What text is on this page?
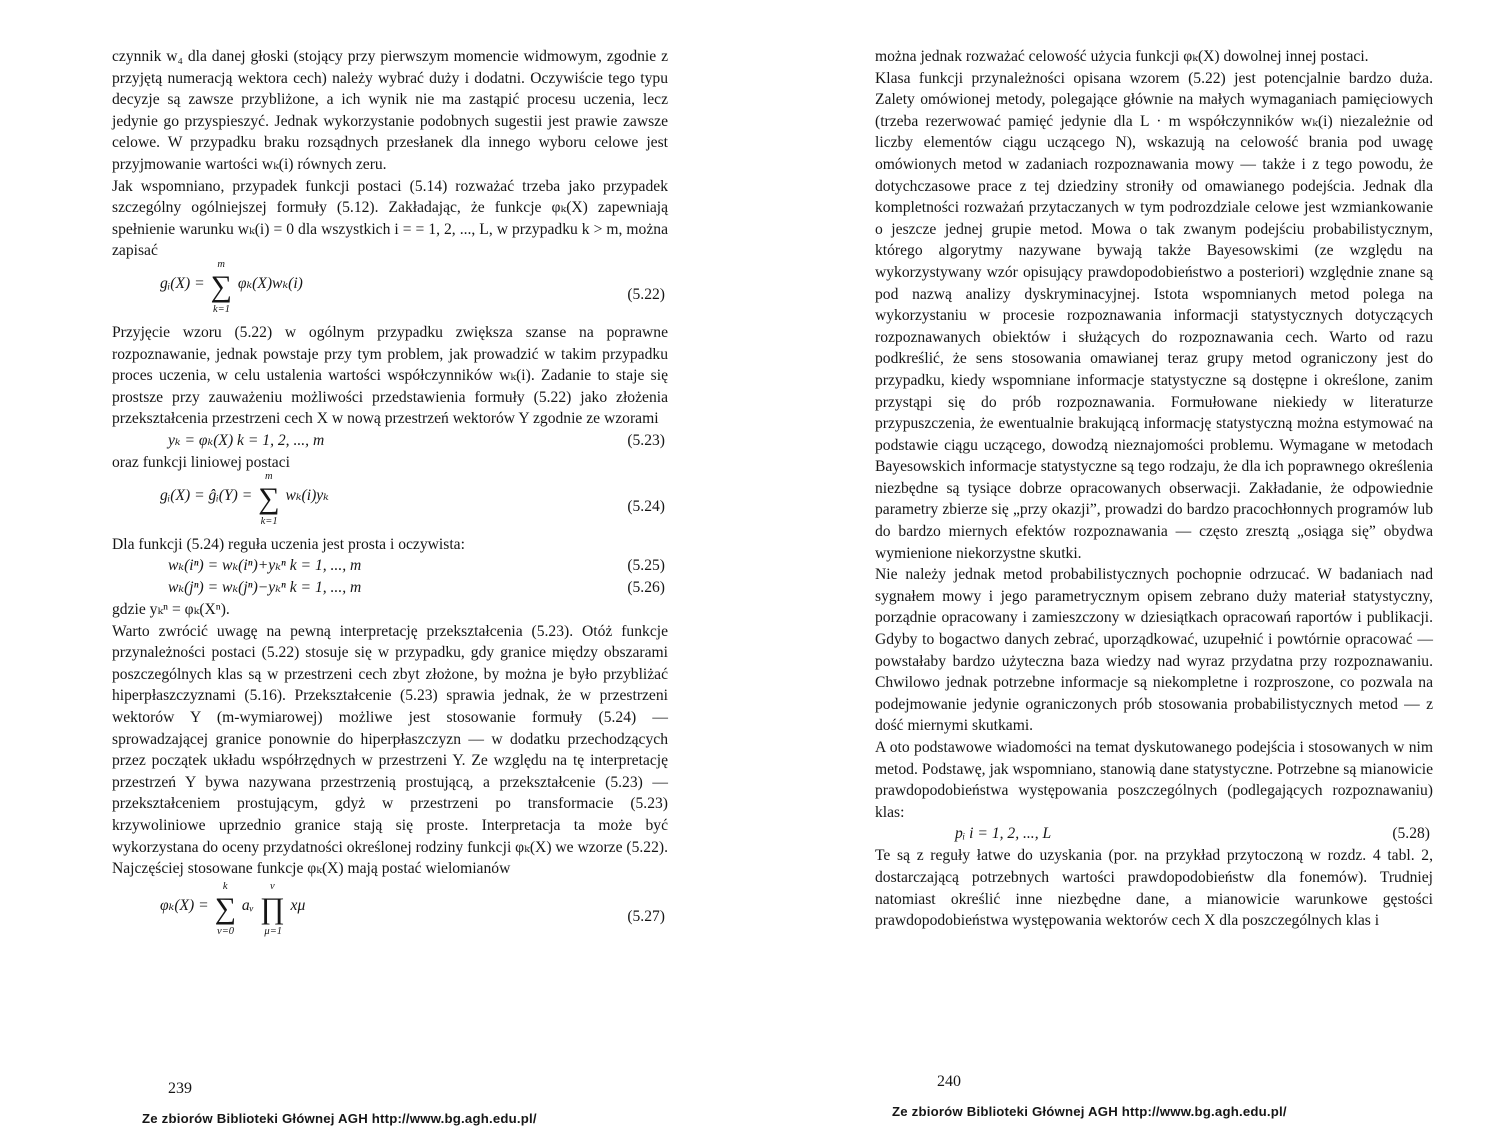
czynnik w₄ dla danej głoski (stojący przy pierwszym momencie widmowym, zgodnie z przyjętą numeracją wektora cech) należy wybrać duży i dodatni. Oczywiście tego typu decyzje są zawsze przybliżone, a ich wynik nie ma zastąpić procesu uczenia, lecz jedynie go przyspieszyć. Jednak wykorzystanie podobnych sugestii jest prawie zawsze celowe. W przypadku braku rozsądnych przesłanek dla innego wyboru celowe jest przyjmowanie wartości wₖ(i) równych zeru.

Jak wspomniano, przypadek funkcji postaci (5.14) rozważać trzeba jako przypadek szczególny ogólniejszej formuły (5.12). Zakładając, że funkcje φₖ(X) zapewniają spełnienie warunku wₖ(i) = 0 dla wszystkich i = = 1, 2, ..., L, w przypadku k > m, można zapisać

gᵢ(X) = ∑
m
k=1
φₖ(X)wₖ(i)
(5.22)

Przyjęcie wzoru (5.22) w ogólnym przypadku zwiększa szanse na poprawne rozpoznawanie, jednak powstaje przy tym problem, jak prowadzić w takim przypadku proces uczenia, w celu ustalenia wartości współczynników wₖ(i). Zadanie to staje się prostsze przy zauważeniu możliwości przedstawienia formuły (5.22) jako złożenia przekształcenia przestrzeni cech X w nową przestrzeń wektorów Y zgodnie ze wzorami

yₖ = φₖ(X) k = 1, 2, ..., m	(5.23)

oraz funkcji liniowej postaci

gᵢ(X) = ĝᵢ(Y) = ∑
m
k=1
wₖ(i)yₖ
(5.24)

Dla funkcji (5.24) reguła uczenia jest prosta i oczywista:

wₖ(iⁿ) = wₖ(iⁿ)+yₖⁿ k = 1, ..., m	(5.25)
wₖ(jⁿ) = wₖ(jⁿ)−yₖⁿ k = 1, ..., m	(5.26)

gdzie yₖⁿ = φₖ(Xⁿ).

Warto zwrócić uwagę na pewną interpretację przekształcenia (5.23). Otóż funkcje przynależności postaci (5.22) stosuje się w przypadku, gdy granice między obszarami poszczególnych klas są w przestrzeni cech zbyt złożone, by można je było przybliżać hiperpłaszczyznami (5.16). Przekształcenie (5.23) sprawia jednak, że w przestrzeni wektorów Y (m-wymiarowej) możliwe jest stosowanie formuły (5.24) — sprowadzającej granice ponownie do hiperpłaszczyzn — w dodatku przechodzących przez początek układu współrzędnych w przestrzeni Y. Ze względu na tę interpretację przestrzeń Y bywa nazywana przestrzenią prostującą, a przekształcenie (5.23) — przekształceniem prostującym, gdyż w przestrzeni po transformacie (5.23) krzywoliniowe uprzednio granice stają się proste. Interpretacja ta może być wykorzystana do oceny przydatności określonej rodziny funkcji φₖ(X) we wzorze (5.22). Najczęściej stosowane funkcje φₖ(X) mają postać wielomianów

φₖ(X) = ∑
k
ν=0
aᵥ ∏
ν
μ=1
xμ
(5.27)
239
Ze zbiorów Biblioteki Głównej AGH http://www.bg.agh.edu.pl/

można jednak rozważać celowość użycia funkcji φₖ(X) dowolnej innej postaci.

Klasa funkcji przynależności opisana wzorem (5.22) jest potencjalnie bardzo duża. Zalety omówionej metody, polegające głównie na małych wymaganiach pamięciowych (trzeba rezerwować pamięć jedynie dla L · m współczynników wₖ(i) niezależnie od liczby elementów ciągu uczącego N), wskazują na celowość brania pod uwagę omówionych metod w zadaniach rozpoznawania mowy — także i z tego powodu, że dotychczasowe prace z tej dziedziny stroniły od omawianego podejścia. Jednak dla kompletności rozważań przytaczanych w tym podrozdziale celowe jest wzmiankowanie o jeszcze jednej grupie metod. Mowa o tak zwanym podejściu probabilistycznym, którego algorytmy nazywane bywają także Bayesowskimi (ze względu na wykorzystywany wzór opisujący prawdopodobieństwo a posteriori) względnie znane są pod nazwą analizy dyskryminacyjnej. Istota wspomnianych metod polega na wykorzystaniu w procesie rozpoznawania informacji statystycznych dotyczących rozpoznawanych obiektów i służących do rozpoznawania cech. Warto od razu podkreślić, że sens stosowania omawianej teraz grupy metod ograniczony jest do przypadku, kiedy wspomniane informacje statystyczne są dostępne i określone, zanim przystąpi się do prób rozpoznawania. Formułowane niekiedy w literaturze przypuszczenia, że ewentualnie brakującą informację statystyczną można estymować na podstawie ciągu uczącego, dowodzą nieznajomości problemu. Wymagane w metodach Bayesowskich informacje statystyczne są tego rodzaju, że dla ich poprawnego określenia niezbędne są tysiące dobrze opracowanych obserwacji. Zakładanie, że odpowiednie parametry zbierze się „przy okazji”, prowadzi do bardzo pracochłonnych programów lub do bardzo miernych efektów rozpoznawania — często zresztą „osiąga się” obydwa wymienione niekorzystne skutki.

Nie należy jednak metod probabilistycznych pochopnie odrzucać. W badaniach nad sygnałem mowy i jego parametrycznym opisem zebrano duży materiał statystyczny, porządnie opracowany i zamieszczony w dziesiątkach opracowań raportów i publikacji. Gdyby to bogactwo danych zebrać, uporządkować, uzupełnić i powtórnie opracować — powstałaby bardzo użyteczna baza wiedzy nad wyraz przydatna przy rozpoznawaniu. Chwilowo jednak potrzebne informacje są niekompletne i rozproszone, co pozwala na podejmowanie jedynie ograniczonych prób stosowania probabilistycznych metod — z dość miernymi skutkami.

A oto podstawowe wiadomości na temat dyskutowanego podejścia i stosowanych w nim metod. Podstawę, jak wspomniano, stanowią dane statystyczne. Potrzebne są mianowicie prawdopodobieństwa występowania poszczególnych (podlegających rozpoznawaniu) klas:

pᵢ i = 1, 2, ..., L	(5.28)

Te są z reguły łatwe do uzyskania (por. na przykład przytoczoną w rozdz. 4 tabl. 2, dostarczającą potrzebnych wartości prawdopodobieństw dla fonemów). Trudniej natomiast określić inne niezbędne dane, a mianowicie warunkowe gęstości prawdopodobieństwa występowania wektorów cech X dla poszczególnych klas i

240
Ze zbiorów Biblioteki Głównej AGH http://www.bg.agh.edu.pl/
